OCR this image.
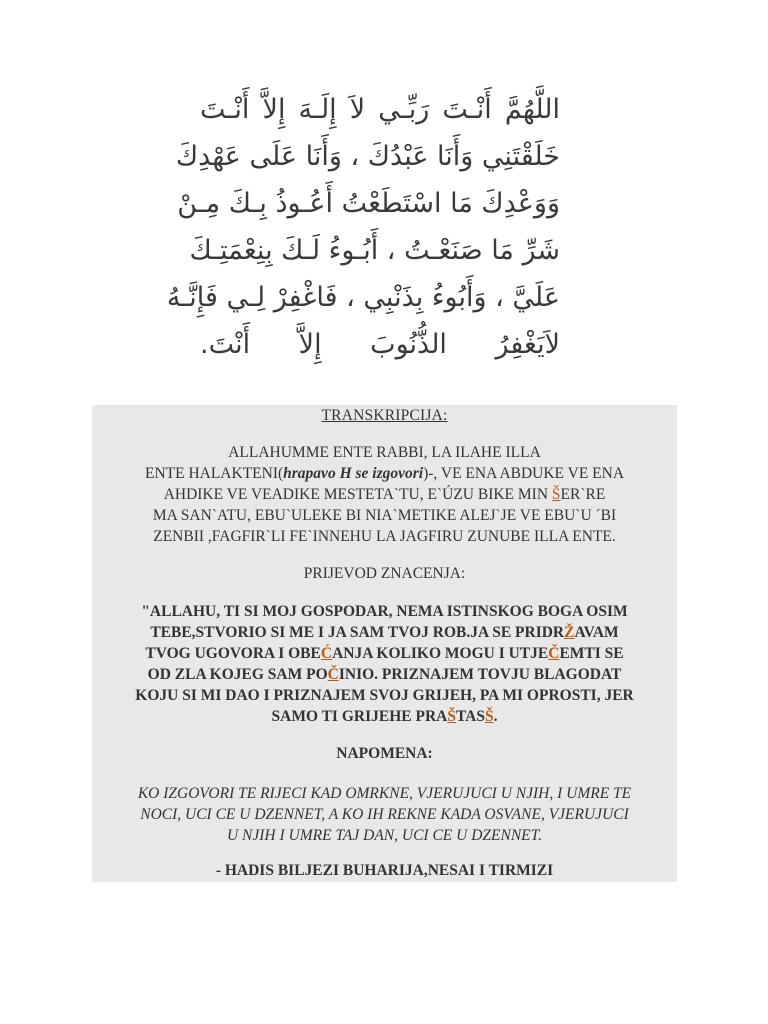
اللَّهُمَّ أَنْـتَ رَبِّـي لاَ إِلَـهَ إِلاَّ أَنْـتَ
خَلَقْتَنِي وَأَنَا عَبْدُكَ ، وَأَنَا عَلَى عَهْدِكَ
وَوَعْدِكَ مَا اسْتَطَعْتُ أَعُـوذُ بِـكَ مِـنْ
شَرِّ مَا صَنَعْـتُ ، أَبُـوءُ لَـكَ بِنِعْمَتِـكَ
عَلَيَّ ، وَأَبُوءُ بِذَنْبِي ، فَاغْفِرْ لِـي فَإِنَّـهُ
لاَيَغْفِرُ الذُّنُوبَ إِلاَّ أَنْتَ.

TRANSKRIPCIJA:

ALLAHUMME ENTE RABBI, LA ILAHE ILLA

ENTE HALAKTENI(hrapavo H se izgovori)-, VE ENA ABDUKE VE ENA

AHDIKE VE VEADIKE MESTETA`TU, E`ÚZU BIKE MIN ŠER`RE

MA SAN`ATU, EBU`ULEKE BI NIA`METIKE ALEJ`JE VE EBU`U ´BI

ZENBII ,FAGFIR`LI FE`INNEHU LA JAGFIRU ZUNUBE ILLA ENTE.

PRIJEVOD ZNACENJA:

"ALLAHU, TI SI MOJ GOSPODAR, NEMA ISTINSKOG BOGA OSIM

TEBE,STVORIO SI ME I JA SAM TVOJ ROB.JA SE PRIDRŽAVAM

TVOG UGOVORA I OBEĆANJA KOLIKO MOGU I UTJEČEMTI SE

OD ZLA KOJEG SAM POČINIO. PRIZNAJEM TOVJU BLAGODAT

KOJU SI MI DAO I PRIZNAJEM SVOJ GRIJEH, PA MI OPROSTI, JER

SAMO TI GRIJEHE PRAŠTASŠ.

NAPOMENA:

KO IZGOVORI TE RIJECI KAD OMRKNE, VJERUJUCI U NJIH, I UMRE TE

NOCI, UCI CE U DZENNET, A KO IH REKNE KADA OSVANE, VJERUJUCI

U NJIH I UMRE TAJ DAN, UCI CE U DZENNET.

- HADIS BILJEZI BUHARIJA,NESAI I TIRMIZI
